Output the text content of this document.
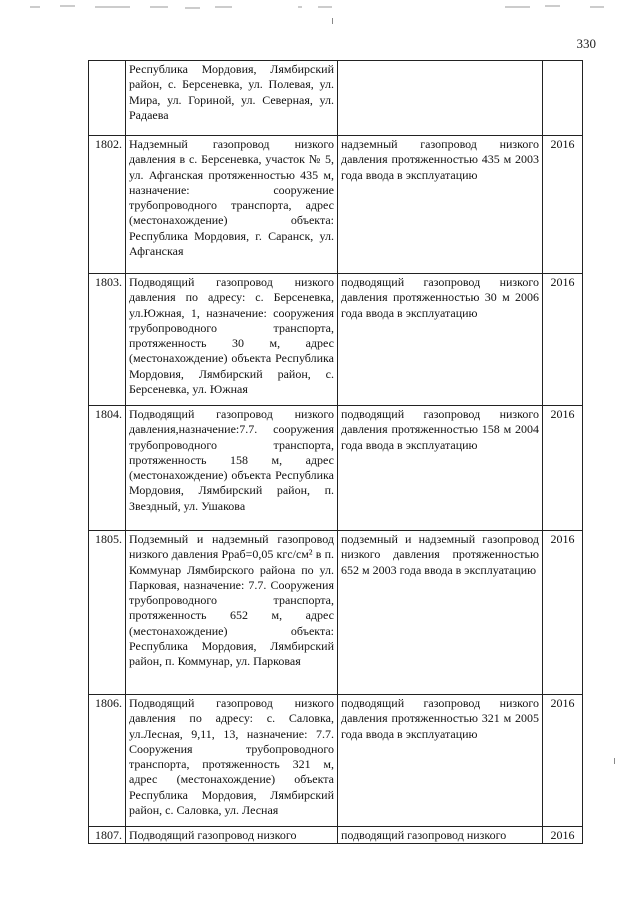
330
	Республика Мордовия, Лямбирский район, с. Берсеневка, ул. Полевая, ул. Мира, ул. Гориной, ул. Северная, ул. Радаева		
1802.	Надземный газопровод низкого давления в с. Берсеневка, участок № 5, ул. Афганская протяженностью 435 м, назначение: сооружение трубопроводного транспорта, адрес (местонахождение) объекта: Республика Мордовия, г. Саранск, ул. Афганская	надземный газопровод низкого давления протяженностью 435 м 2003 года ввода в эксплуатацию	2016
1803.	Подводящий газопровод низкого давления по адресу: с. Берсеневка, ул.Южная, 1, назначение: сооружения трубопроводного транспорта, протяженность 30 м, адрес (местонахождение) объекта Республика Мордовия, Лямбирский район, с. Берсеневка, ул. Южная	подводящий газопровод низкого давления протяженностью 30 м 2006 года ввода в эксплуатацию	2016
1804.	Подводящий газопровод низкого давления,назначение:7.7. сооружения трубопроводного транспорта, протяженность 158 м, адрес (местонахождение) объекта Республика Мордовия, Лямбирский район, п. Звездный, ул. Ушакова	подводящий газопровод низкого давления протяженностью 158 м 2004 года ввода в эксплуатацию	2016
1805.	Подземный и надземный газопровод низкого давления Рраб=0,05 кгс/см² в п. Коммунар Лямбирского района по ул. Парковая, назначение: 7.7. Сооружения трубопроводного транспорта, протяженность 652 м, адрес (местонахождение) объекта: Республика Мордовия, Лямбирский район, п. Коммунар, ул. Парковая	подземный и надземный газопровод низкого давления протяженностью 652 м 2003 года ввода в эксплуатацию	2016
1806.	Подводящий газопровод низкого давления по адресу: с. Саловка, ул.Лесная, 9,11, 13, назначение: 7.7. Сооружения трубопроводного транспорта, протяженность 321 м, адрес (местонахождение) объекта Республика Мордовия, Лямбирский район, с. Саловка, ул. Лесная	подводящий газопровод низкого давления протяженностью 321 м 2005 года ввода в эксплуатацию	2016
1807.	Подводящий газопровод низкого	подводящий газопровод низкого	2016
